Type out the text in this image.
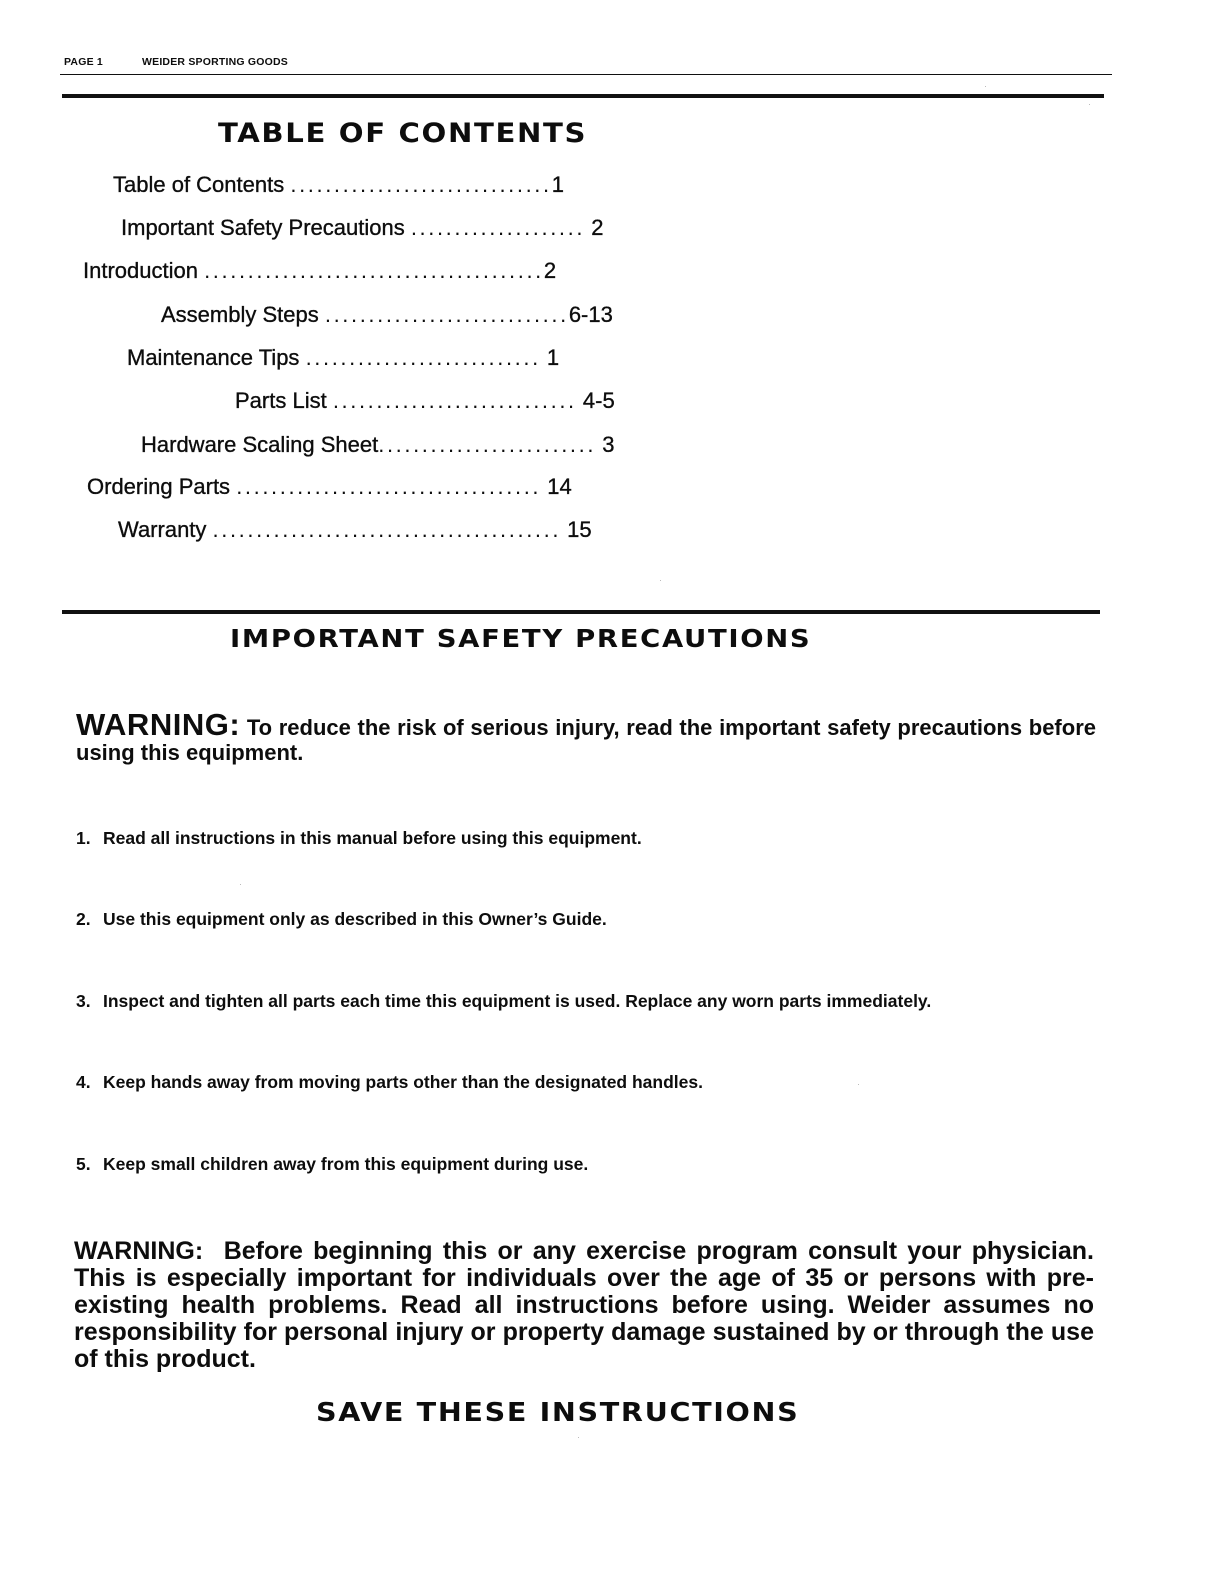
PAGE 1	WEIDER SPORTING GOODS
TABLE OF CONTENTS
Table of Contents ..............................1
Important Safety Precautions .................... 2
Introduction .......................................2
Assembly Steps ............................6-13
Maintenance Tips ........................... 1
Parts List ............................ 4-5
Hardware Scaling Sheet......................... 3
Ordering Parts ................................... 14
Warranty ........................................ 15
IMPORTANT SAFETY PRECAUTIONS
WARNING: To reduce the risk of serious injury, read the important safety precautions before using this equipment.
1. Read all instructions in this manual before using this equipment.
2. Use this equipment only as described in this Owner’s Guide.
3. Inspect and tighten all parts each time this equipment is used. Replace any worn parts immediately.
4. Keep hands away from moving parts other than the designated handles.
5. Keep small children away from this equipment during use.
WARNING: Before beginning this or any exercise program consult your physician. This is especially important for individuals over the age of 35 or persons with pre-existing health problems. Read all instructions before using. Weider assumes no responsibility for personal injury or property damage sustained by or through the use of this product.
SAVE THESE INSTRUCTIONS
